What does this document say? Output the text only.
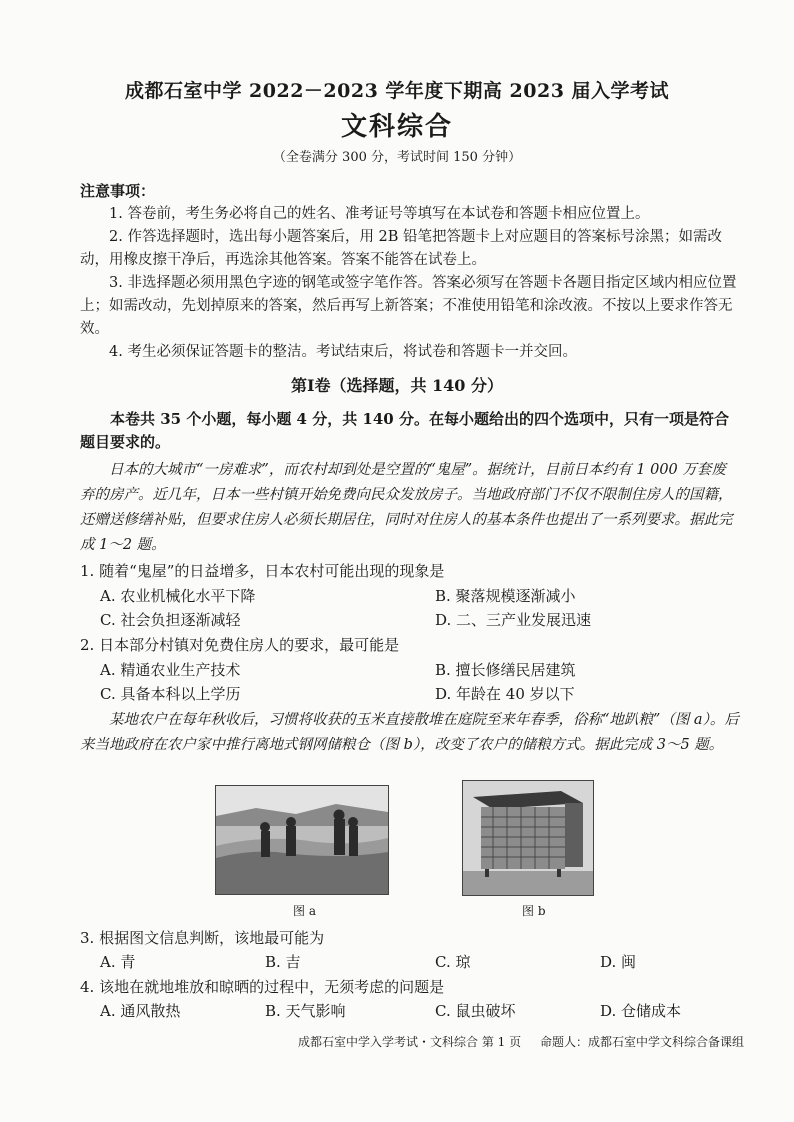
成都石室中学 2022－2023 学年度下期高 2023 届入学考试
文科综合
（全卷满分 300 分，考试时间 150 分钟）
注意事项：

1. 答卷前，考生务必将自己的姓名、准考证号等填写在本试卷和答题卡相应位置上。

2. 作答选择题时，选出每小题答案后，用 2B 铅笔把答题卡上对应题目的答案标号涂黑；如需改动，用橡皮擦干净后，再选涂其他答案。答案不能答在试卷上。

3. 非选择题必须用黑色字迹的钢笔或签字笔作答。答案必须写在答题卡各题目指定区域内相应位置上；如需改动，先划掉原来的答案，然后再写上新答案；不准使用铅笔和涂改液。不按以上要求作答无效。

4. 考生必须保证答题卡的整洁。考试结束后，将试卷和答题卡一并交回。

第Ⅰ卷（选择题，共 140 分）

本卷共 35 个小题，每小题 4 分，共 140 分。在每小题给出的四个选项中，只有一项是符合题目要求的。

日本的大城市“一房难求”，而农村却到处是空置的“鬼屋”。据统计，目前日本约有 1 000 万套废弃的房产。近几年，日本一些村镇开始免费向民众发放房子。当地政府部门不仅不限制住房人的国籍，还赠送修缮补贴，但要求住房人必须长期居住，同时对住房人的基本条件也提出了一系列要求。据此完成 1～2 题。

1. 随着“鬼屋”的日益增多，日本农村可能出现的现象是
A. 农业机械化水平下降	B. 聚落规模逐渐减小
C. 社会负担逐渐减轻	D. 二、三产业发展迅速
2. 日本部分村镇对免费住房人的要求，最可能是
A. 精通农业生产技术	B. 擅长修缮民居建筑
C. 具备本科以上学历	D. 年龄在 40 岁以下

某地农户在每年秋收后，习惯将收获的玉米直接散堆在庭院至来年春季，俗称“地趴粮”（图 a）。后来当地政府在农户家中推行离地式钢网储粮仓（图 b），改变了农户的储粮方式。据此完成 3～5 题。

图 a	图 b
3. 根据图文信息判断，该地最可能为
A. 青	B. 吉	C. 琼	D. 闽
4. 该地在就地堆放和晾晒的过程中，无须考虑的问题是
A. 通风散热	B. 天气影响	C. 鼠虫破坏	D. 仓储成本
成都石室中学入学考试・文科综合 第 1 页 命题人：成都石室中学文科综合备课组
